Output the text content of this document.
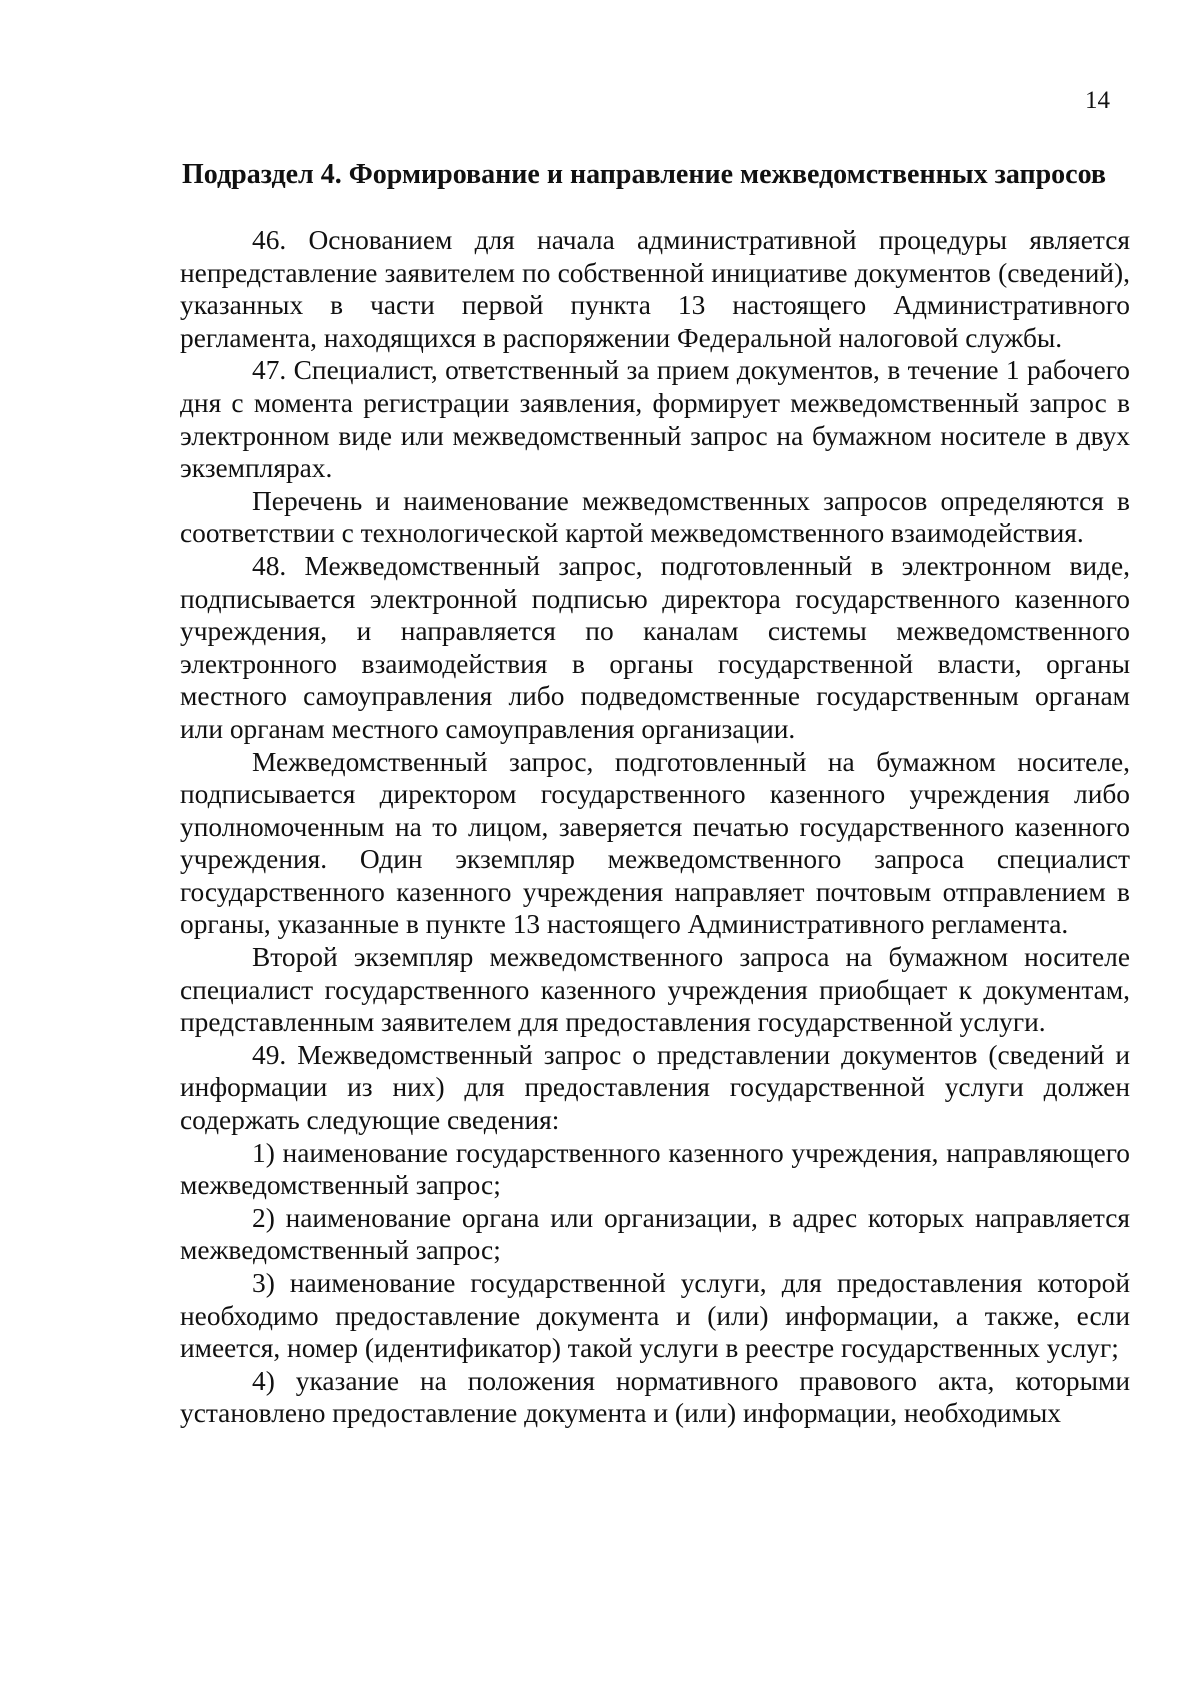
14
Подраздел 4. Формирование и направление межведомственных запросов

46. Основанием для начала административной процедуры является непредставление заявителем по собственной инициативе документов (сведений), указанных в части первой пункта 13 настоящего Административного регламента, находящихся в распоряжении Федеральной налоговой службы.

47. Специалист, ответственный за прием документов, в течение 1 рабочего дня с момента регистрации заявления, формирует межведомственный запрос в электронном виде или межведомственный запрос на бумажном носителе в двух экземплярах.

Перечень и наименование межведомственных запросов определяются в соответствии с технологической картой межведомственного взаимодействия.

48. Межведомственный запрос, подготовленный в электронном виде, подписывается электронной подписью директора государственного казенного учреждения, и направляется по каналам системы межведомственного электронного взаимодействия в органы государственной власти, органы местного самоуправления либо подведомственные государственным органам или органам местного самоуправления организации.

Межведомственный запрос, подготовленный на бумажном носителе, подписывается директором государственного казенного учреждения либо уполномоченным на то лицом, заверяется печатью государственного казенного учреждения. Один экземпляр межведомственного запроса специалист государственного казенного учреждения направляет почтовым отправлением в органы, указанные в пункте 13 настоящего Административного регламента.

Второй экземпляр межведомственного запроса на бумажном носителе специалист государственного казенного учреждения приобщает к документам, представленным заявителем для предоставления государственной услуги.

49. Межведомственный запрос о представлении документов (сведений и информации из них) для предоставления государственной услуги должен содержать следующие сведения:

1) наименование государственного казенного учреждения, направляющего межведомственный запрос;

2) наименование органа или организации, в адрес которых направляется межведомственный запрос;

3) наименование государственной услуги, для предоставления которой необходимо предоставление документа и (или) информации, а также, если имеется, номер (идентификатор) такой услуги в реестре государственных услуг;

4) указание на положения нормативного правового акта, которыми установлено предоставление документа и (или) информации, необходимых
